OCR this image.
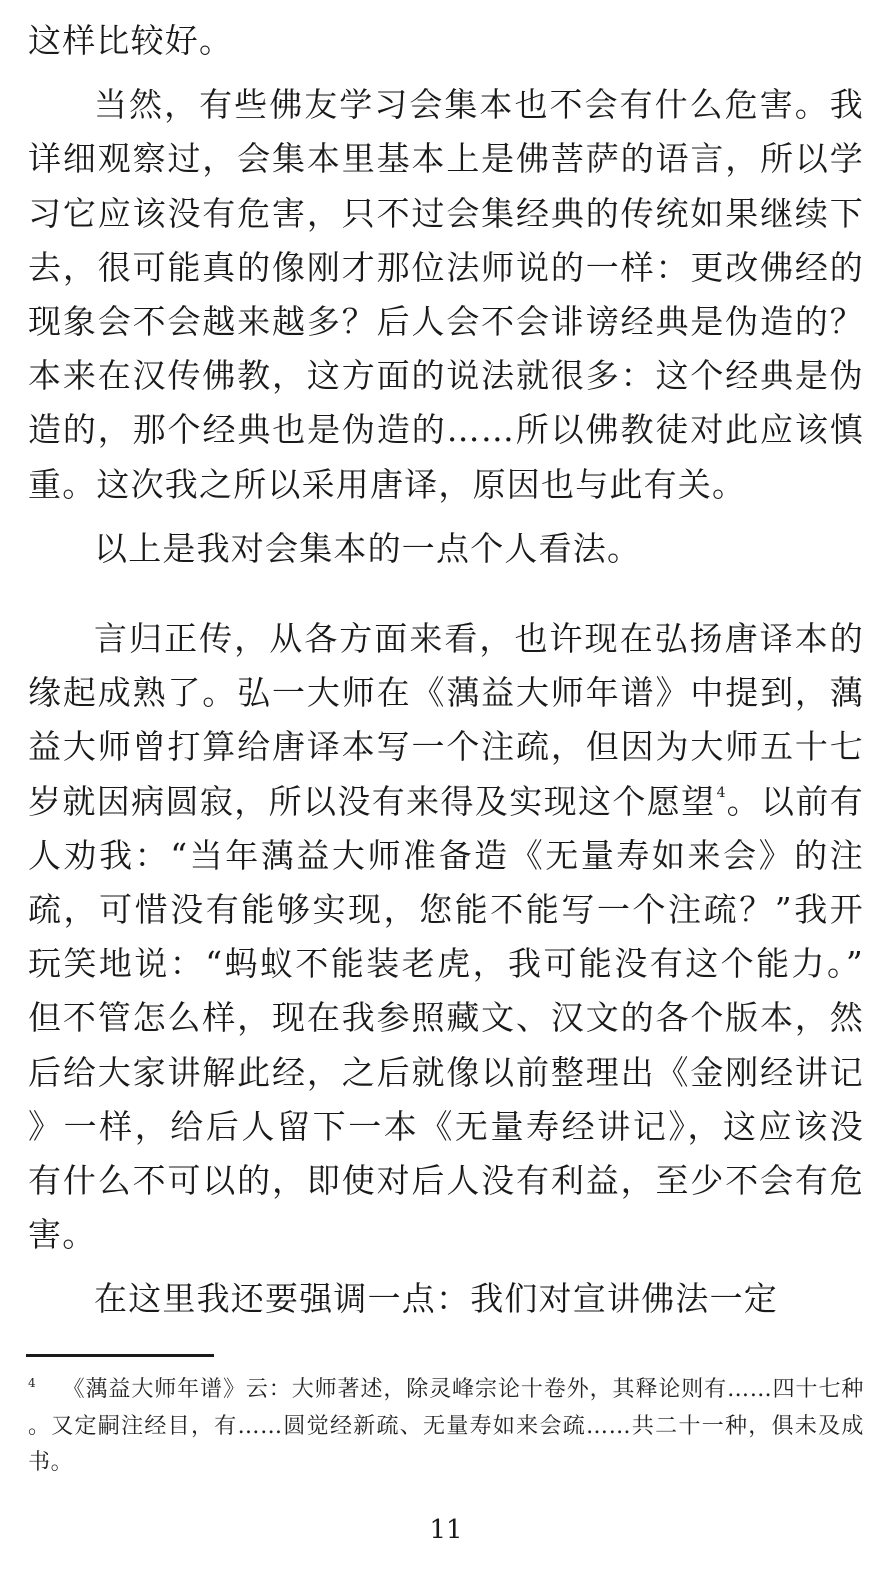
这样比较好。

当然，有些佛友学习会集本也不会有什么危害。我详细观察过，会集本里基本上是佛菩萨的语言，所以学习它应该没有危害，只不过会集经典的传统如果继续下去，很可能真的像刚才那位法师说的一样：更改佛经的现象会不会越来越多？后人会不会诽谤经典是伪造的？本来在汉传佛教，这方面的说法就很多：这个经典是伪造的，那个经典也是伪造的……所以佛教徒对此应该慎重。这次我之所以采用唐译，原因也与此有关。

以上是我对会集本的一点个人看法。

言归正传，从各方面来看，也许现在弘扬唐译本的缘起成熟了。弘一大师在《蕅益大师年谱》中提到，蕅益大师曾打算给唐译本写一个注疏，但因为大师五十七岁就因病圆寂，所以没有来得及实现这个愿望$^4$。以前有人劝我：“当年蕅益大师准备造《无量寿如来会》的注疏，可惜没有能够实现，您能不能写一个注疏？”我开玩笑地说：“蚂蚁不能装老虎，我可能没有这个能力。”但不管怎么样，现在我参照藏文、汉文的各个版本，然后给大家讲解此经，之后就像以前整理出《金刚经讲记》一样，给后人留下一本《无量寿经讲记》，这应该没有什么不可以的，即使对后人没有利益，至少不会有危害。

在这里我还要强调一点：我们对宣讲佛法一定

$^4$ 《蕅益大师年谱》云：大师著述，除灵峰宗论十卷外，其释论则有……四十七种。又定嗣注经目，有……圆觉经新疏、无量寿如来会疏……共二十一种，俱未及成书。
11
